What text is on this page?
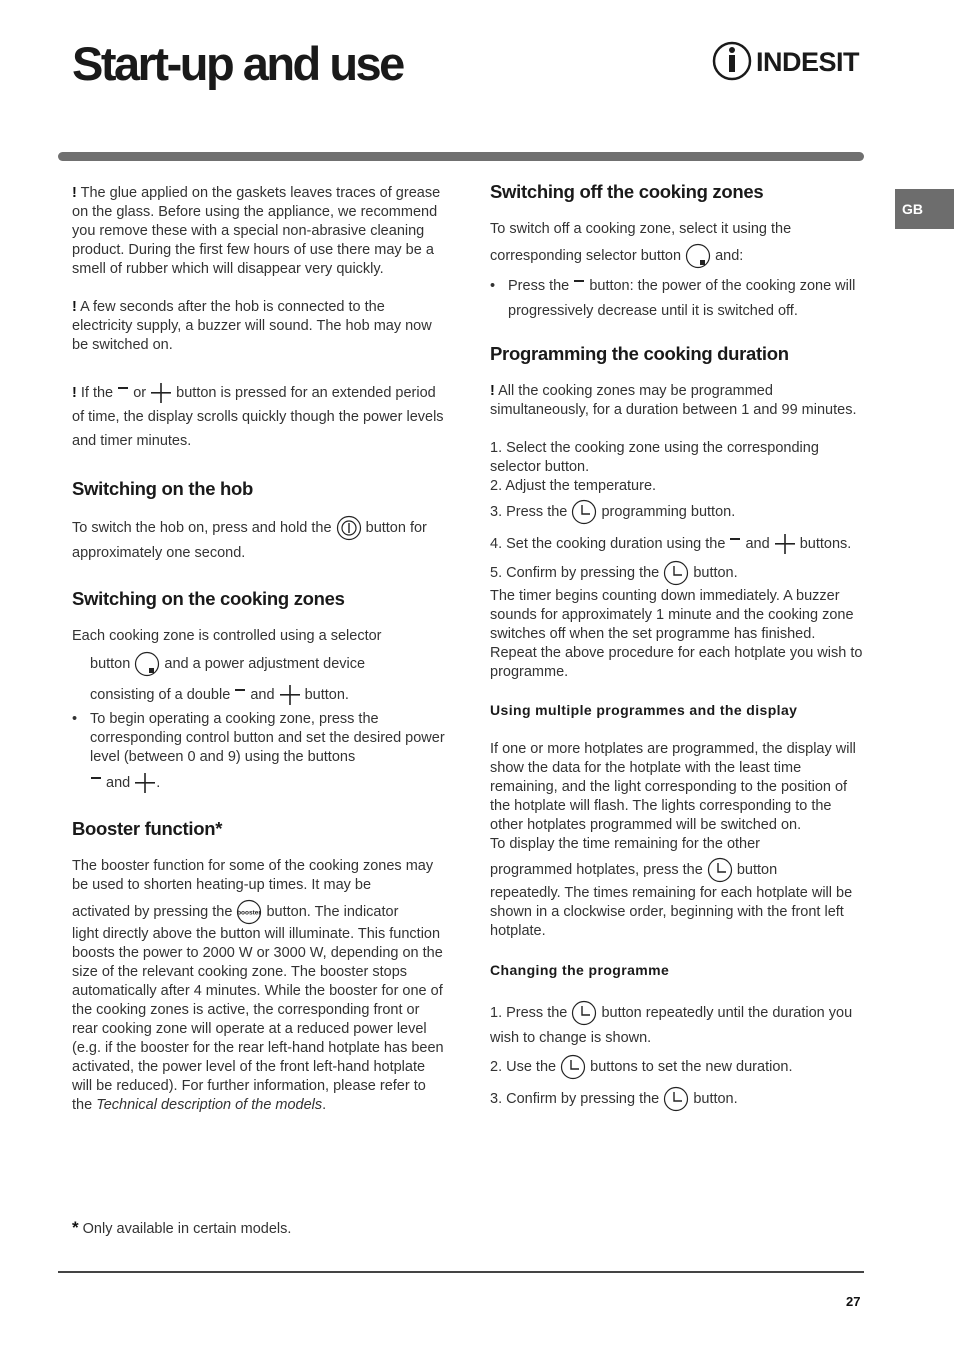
Start-up and use	INDESIT
GB

! The glue applied on the gaskets leaves traces of grease on the glass. Before using the appliance, we recommend you remove these with a special non-abrasive cleaning product. During the first few hours of use there may be a smell of rubber which will disappear very quickly.

! A few seconds after the hob is connected to the electricity supply, a buzzer will sound. The hob may now be switched on.

! If the or button is pressed for an extended period of time, the display scrolls quickly though the power levels and timer minutes.

Switching on the hob

To switch the hob on, press and hold the button for approximately one second.

Switching on the cooking zones

Each cooking zone is controlled using a selector

button and a power adjustment device

consisting of a double and button.

• To begin operating a cooking zone, press the corresponding control button and set the desired power level (between 0 and 9) using the buttons
and .
Booster function*

The booster function for some of the cooking zones may be used to shorten heating-up times. It may be

activated by pressing the booster button. The indicator

light directly above the button will illuminate. This function boosts the power to 2000 W or 3000 W, depending on the size of the relevant cooking zone. The booster stops automatically after 4 minutes. While the booster for one of the cooking zones is active, the corresponding front or rear cooking zone will operate at a reduced power level (e.g. if the booster for the rear left-hand hotplate has been activated, the power level of the front left-hand hotplate will be reduced). For further information, please refer to the Technical description of the models.

Switching off the cooking zones

To switch off a cooking zone, select it using the

corresponding selector button and:

• Press the button: the power of the cooking zone will progressively decrease until it is switched off.
Programming the cooking duration

! All the cooking zones may be programmed simultaneously, for a duration between 1 and 99 minutes.

1. Select the cooking zone using the corresponding selector button.

2. Adjust the temperature.

3. Press the programming button.

4. Set the cooking duration using the and buttons.

5. Confirm by pressing the button.

The timer begins counting down immediately. A buzzer sounds for approximately 1 minute and the cooking zone switches off when the set programme has finished.

Repeat the above procedure for each hotplate you wish to programme.

Using multiple programmes and the display

If one or more hotplates are programmed, the display will show the data for the hotplate with the least time remaining, and the light corresponding to the position of the hotplate will flash. The lights corresponding to the other hotplates programmed will be switched on.

To display the time remaining for the other

programmed hotplates, press the button

repeatedly. The times remaining for each hotplate will be shown in a clockwise order, beginning with the front left hotplate.

Changing the programme

1. Press the button repeatedly until the duration you wish to change is shown.

2. Use the buttons to set the new duration.

3. Confirm by pressing the button.

* Only available in certain models.
27
